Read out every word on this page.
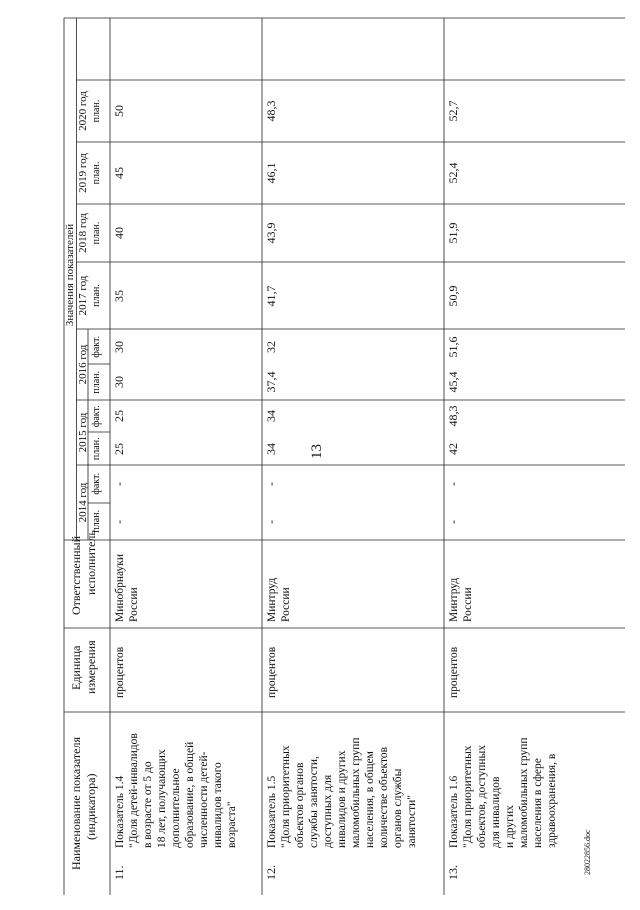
13
28022856.doc
Наименование показателя (индикатора)
Единица измерения
Ответственный исполнитель
Значения показателей
2014 год план.
факт.
2015 год план.
факт.
2016 год план.
факт.
2017 год план.
2018 год план.
2019 год план.
2020 год план.
11.
Показатель 1.4 "Доля детей-инвалидов в возрасте от 5 до 18 лет, получающих дополнительное образование, в общей численности детей- инвалидов такого возраста"
процентов
Минобрнауки России
-
-
25
25
30
30
35
40
45
50
12.
Показатель 1.5 "Доля приоритетных объектов органов службы занятости, доступных для инвалидов и других маломобильных групп населения, в общем количестве объектов органов службы занятости"
процентов
Минтруд России
-
-
34
34
37,4
32
41,7
43,9
46,1
48,3
13.
Показатель 1.6 "Доля приоритетных объектов, доступных для инвалидов и других маломобильных групп населения в сфере здравоохранения, в
процентов
Минтруд России
-
-
42
48,3
45,4
51,6
50,9
51,9
52,4
52,7
